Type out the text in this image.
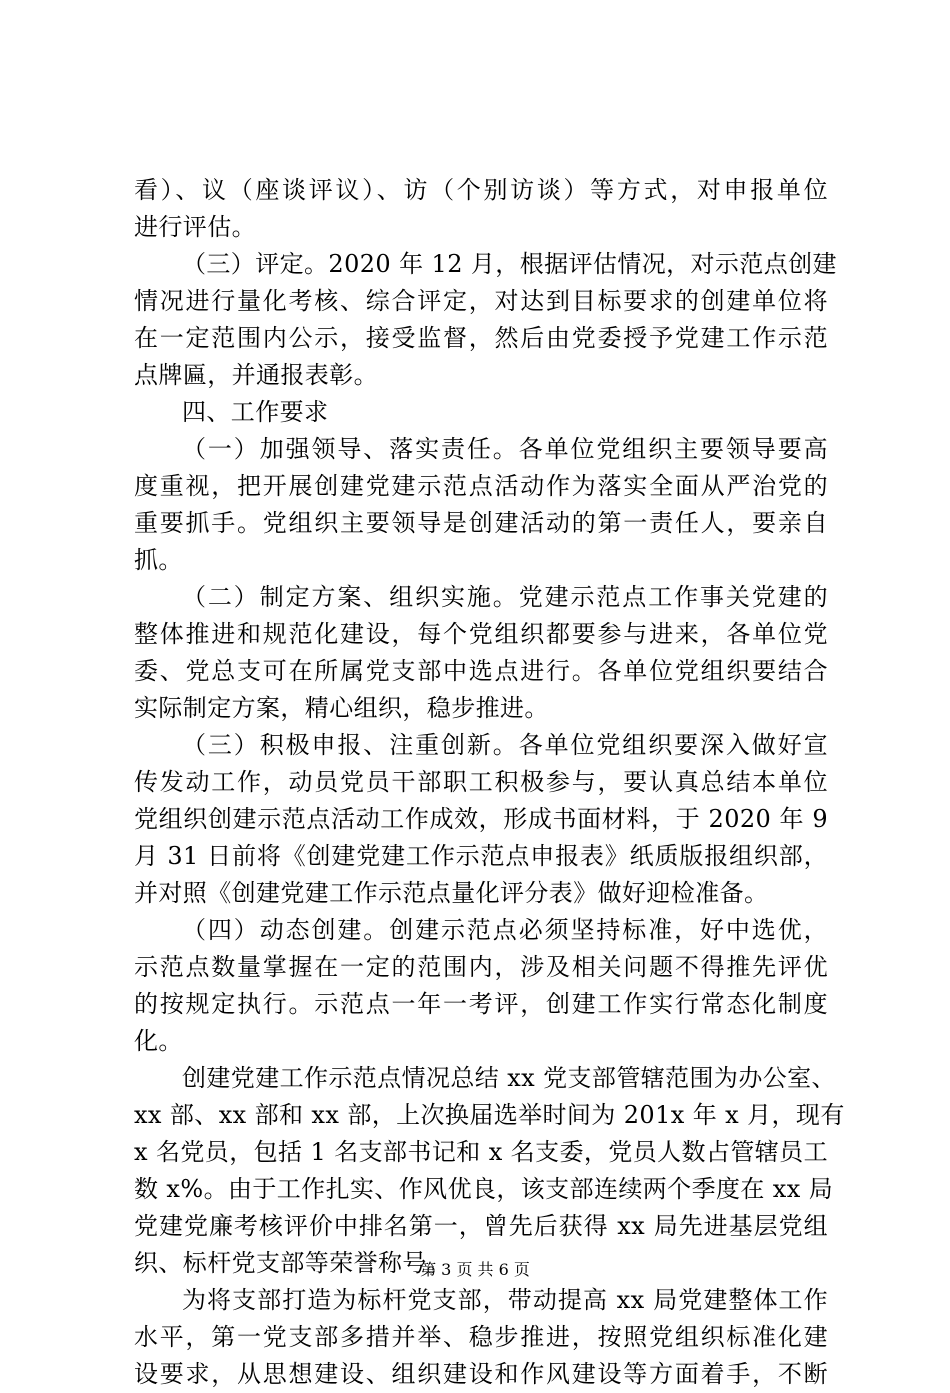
看）、议（座谈评议）、访（个别访谈）等方式，对申报单位
进行评估。
（三）评定。2020 年 12 月，根据评估情况，对示范点创建
情况进行量化考核、综合评定，对达到目标要求的创建单位将
在一定范围内公示，接受监督，然后由党委授予党建工作示范
点牌匾，并通报表彰。
四、工作要求
（一）加强领导、落实责任。各单位党组织主要领导要高
度重视，把开展创建党建示范点活动作为落实全面从严治党的
重要抓手。党组织主要领导是创建活动的第一责任人，要亲自
抓。
（二）制定方案、组织实施。党建示范点工作事关党建的
整体推进和规范化建设，每个党组织都要参与进来，各单位党
委、党总支可在所属党支部中选点进行。各单位党组织要结合
实际制定方案，精心组织，稳步推进。
（三）积极申报、注重创新。各单位党组织要深入做好宣
传发动工作，动员党员干部职工积极参与，要认真总结本单位
党组织创建示范点活动工作成效，形成书面材料，于 2020 年 9
月 31 日前将《创建党建工作示范点申报表》纸质版报组织部，
并对照《创建党建工作示范点量化评分表》做好迎检准备。
（四）动态创建。创建示范点必须坚持标准，好中选优，
示范点数量掌握在一定的范围内，涉及相关问题不得推先评优
的按规定执行。示范点一年一考评，创建工作实行常态化制度
化。
创建党建工作示范点情况总结 xx 党支部管辖范围为办公室、
xx 部、xx 部和 xx 部，上次换届选举时间为 201x 年 x 月，现有
x 名党员，包括 1 名支部书记和 x 名支委，党员人数占管辖员工
数 x%。由于工作扎实、作风优良，该支部连续两个季度在 xx 局
党建党廉考核评价中排名第一，曾先后获得 xx 局先进基层党组
织、标杆党支部等荣誉称号。
为将支部打造为标杆党支部，带动提高 xx 局党建整体工作
水平，第一党支部多措并举、稳步推进，按照党组织标准化建
设要求，从思想建设、组织建设和作风建设等方面着手，不断
第 3 页 共 6 页
